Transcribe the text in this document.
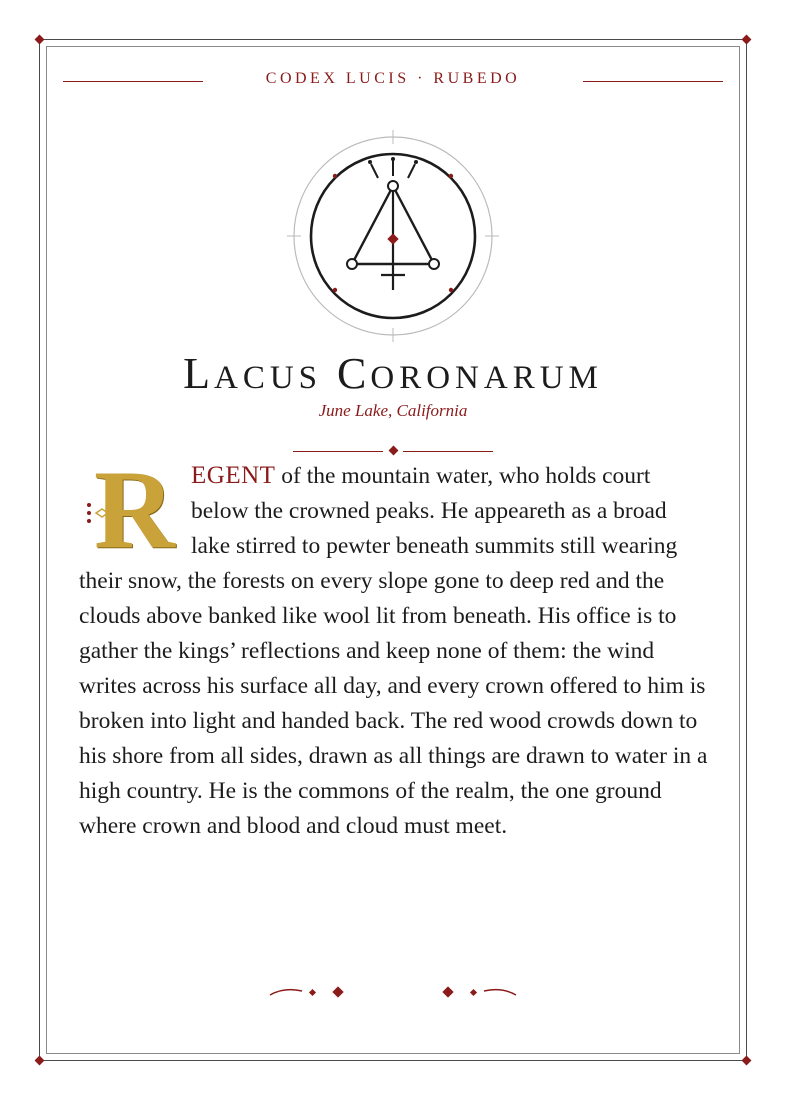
CODEX LUCIS · RUBEDO
LACUS CORONARUM
June Lake, California
R EGENT of the mountain water, who holds court below the crowned peaks. He appeareth as a broad lake stirred to pewter beneath summits still wearing their snow, the forests on every slope gone to deep red and the clouds above banked like wool lit from beneath. His office is to gather the kings’ reflections and keep none of them: the wind writes across his surface all day, and every crown offered to him is broken into light and handed back. The red wood crowds down to his shore from all sides, drawn as all things are drawn to water in a high country. He is the commons of the realm, the one ground where crown and blood and cloud must meet.
